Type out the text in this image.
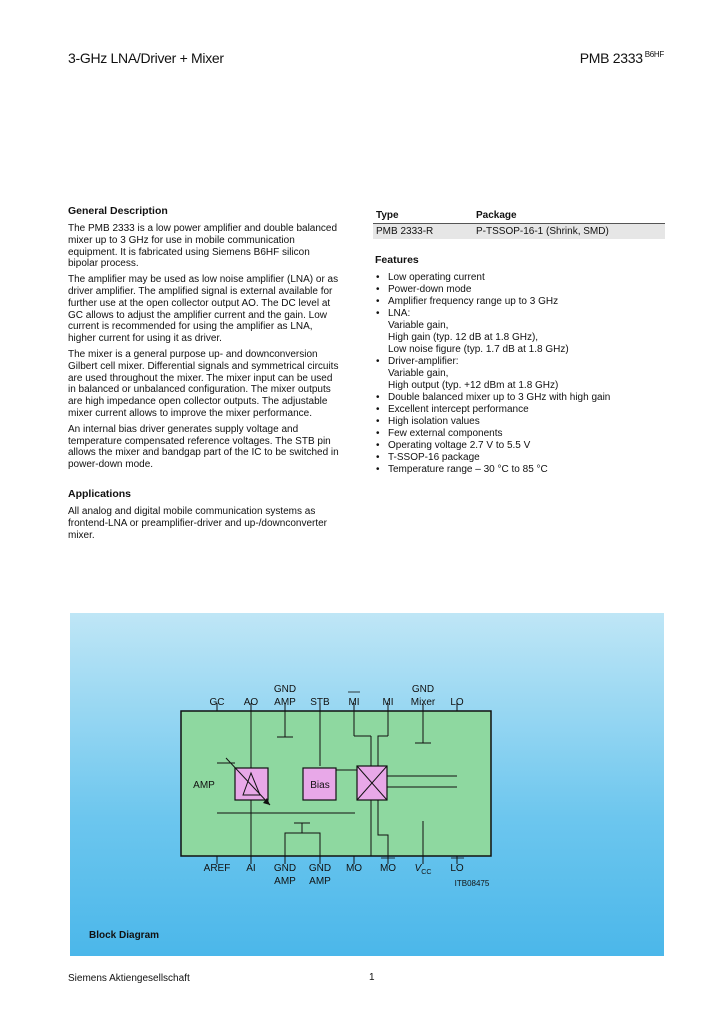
3-GHz LNA/Driver + Mixer	PMB 2333 $^{B6HF}$
General Description

The PMB 2333 is a low power amplifier and double balanced
mixer up to 3 GHz for use in mobile communication
equipment. It is fabricated using Siemens B6HF silicon
bipolar process.

The amplifier may be used as low noise amplifier (LNA) or as
driver amplifier. The amplified signal is external available for
further use at the open collector output AO. The DC level at
GC allows to adjust the amplifier current and the gain. Low
current is recommended for using the amplifier as LNA,
higher current for using it as driver.

The mixer is a general purpose up- and downconversion
Gilbert cell mixer. Differential signals and symmetrical circuits
are used throughout the mixer. The mixer input can be used
in balanced or unbalanced configuration. The mixer outputs
are high impedance open collector outputs. The adjustable
mixer current allows to improve the mixer performance.

An internal bias driver generates supply voltage and
temperature compensated reference voltages. The STB pin
allows the mixer and bandgap part of the IC to be switched in
power-down mode.

Applications

All analog and digital mobile communication systems as
frontend-LNA or preamplifier-driver and up-/downconverter
mixer.

Type	Package
PMB 2333-R	P-TSSOP-16-1 (Shrink, SMD)
Features
• Low operating current
• Power-down mode
• Amplifier frequency range up to 3 GHz
• LNA:
Variable gain,
High gain (typ. 12 dB at 1.8 GHz),
Low noise figure (typ. 1.7 dB at 1.8 GHz)
• Driver-amplifier:
Variable gain,
High output (typ. +12 dBm at 1.8 GHz)
• Double balanced mixer up to 3 GHz with high gain
• Excellent intercept performance
• High isolation values
• Few external components
• Operating voltage 2.7 V to 5.5 V
• T-SSOP-16 package
• Temperature range – 30 °C to 85 °C
GC AO
GND
AMP STB MI MI
GND
Mixer LO
AREF AI GND
AMP
GND
AMP
MO MO $V_{CC}$ LO
AMP	Bias
ITB08475
Block Diagram
Siemens Aktiengesellschaft	1
